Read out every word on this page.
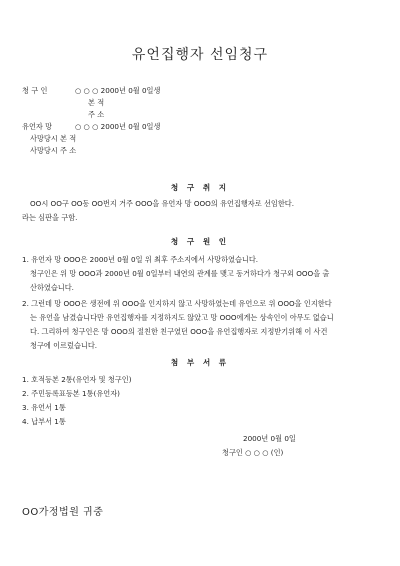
유언집행자 선임청구
청 구 인	○ ○ ○ 2000년 0월 0일생
본 적
주 소
유언자 망	○ ○ ○ 2000년 0월 0일생
사망당시 본 적
사망당시 주 소
청 구 취 지
OO시 OO구 OO동 OO번지 거주 OOO을 유언자 망 OOO의 유언집행자로 선임한다.
라는 심판을 구함.
청 구 원 인
1. 유언자 망 OOO은 2000년 0월 0일 위 최후 주소지에서 사망하였습니다.
청구인은 위 망 OOO과 2000년 0월 0일부터 내연의 관계를 맺고 동거하다가 청구외 OOO을 출
산하였습니다.
2. 그런데 망 OOO은 생전에 위 OOO을 인지하지 않고 사망하였는데 유언으로 위 OOO을 인지한다
는 유언을 남겼습니다만 유언집행자를 지정하지도 않았고 망 OOO에게는 상속인이 아무도 없습니
다. 그리하여 청구인은 망 OOO의 절친한 친구였던 OOO을 유언집행자로 지정받기위해 이 사건
청구에 이르렀습니다.
첨 부 서 류
1. 호적등본 2통(유언자 및 청구인)
2. 주민등록표등본 1통(유언자)
3. 유언서 1통
4. 납부서 1통
2000년 0월 0일
청구인 ○ ○ ○ (인)
OO가정법원 귀중
